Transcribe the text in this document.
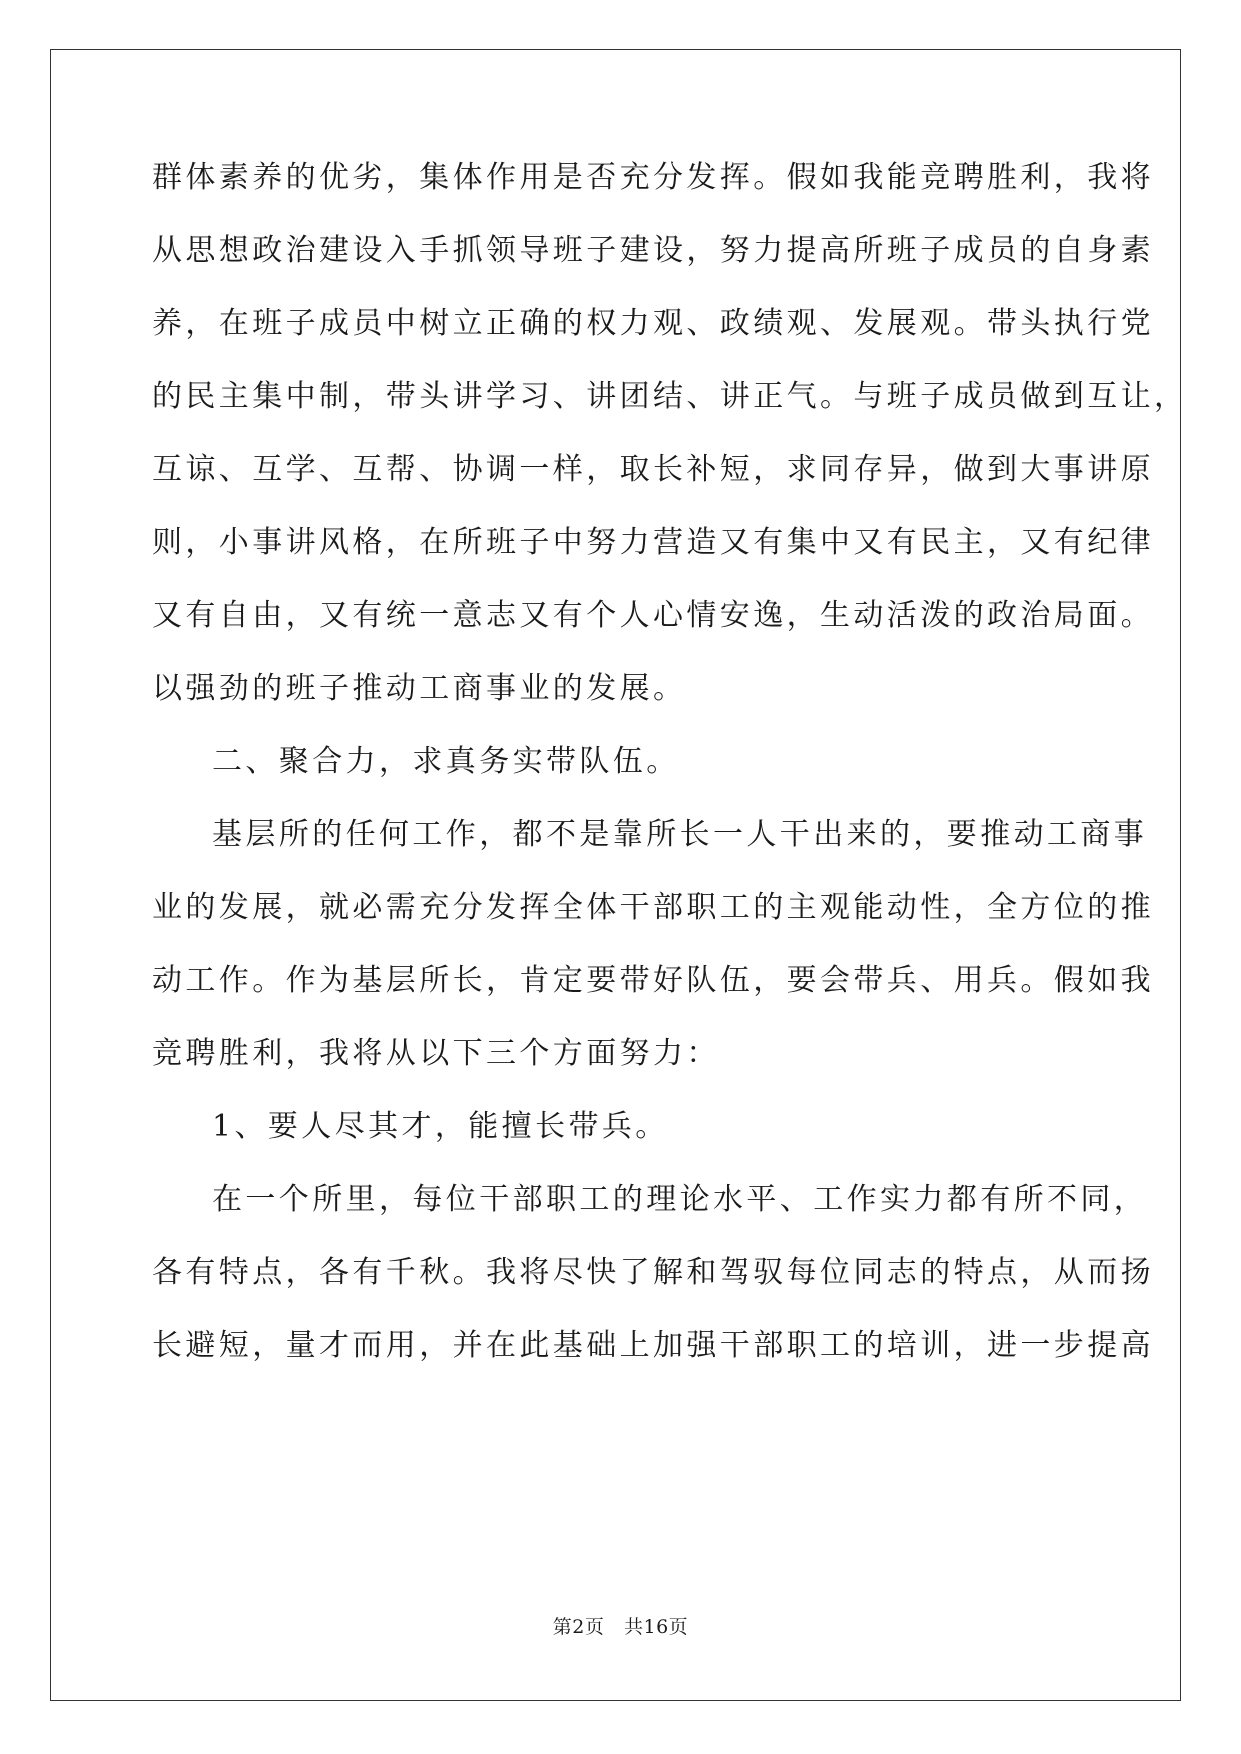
群体素养的优劣，集体作用是否充分发挥。假如我能竞聘胜利，我将
从思想政治建设入手抓领导班子建设，努力提高所班子成员的自身素
养，在班子成员中树立正确的权力观、政绩观、发展观。带头执行党
的民主集中制，带头讲学习、讲团结、讲正气。与班子成员做到互让，
互谅、互学、互帮、协调一样，取长补短，求同存异，做到大事讲原
则，小事讲风格，在所班子中努力营造又有集中又有民主，又有纪律
又有自由，又有统一意志又有个人心情安逸，生动活泼的政治局面。
以强劲的班子推动工商事业的发展。
二、聚合力，求真务实带队伍。
基层所的任何工作，都不是靠所长一人干出来的，要推动工商事
业的发展，就必需充分发挥全体干部职工的主观能动性，全方位的推
动工作。作为基层所长，肯定要带好队伍，要会带兵、用兵。假如我
竞聘胜利，我将从以下三个方面努力：
1、要人尽其才，能擅长带兵。
在一个所里，每位干部职工的理论水平、工作实力都有所不同，
各有特点，各有千秋。我将尽快了解和驾驭每位同志的特点，从而扬
长避短，量才而用，并在此基础上加强干部职工的培训，进一步提高
第2页   共16页
